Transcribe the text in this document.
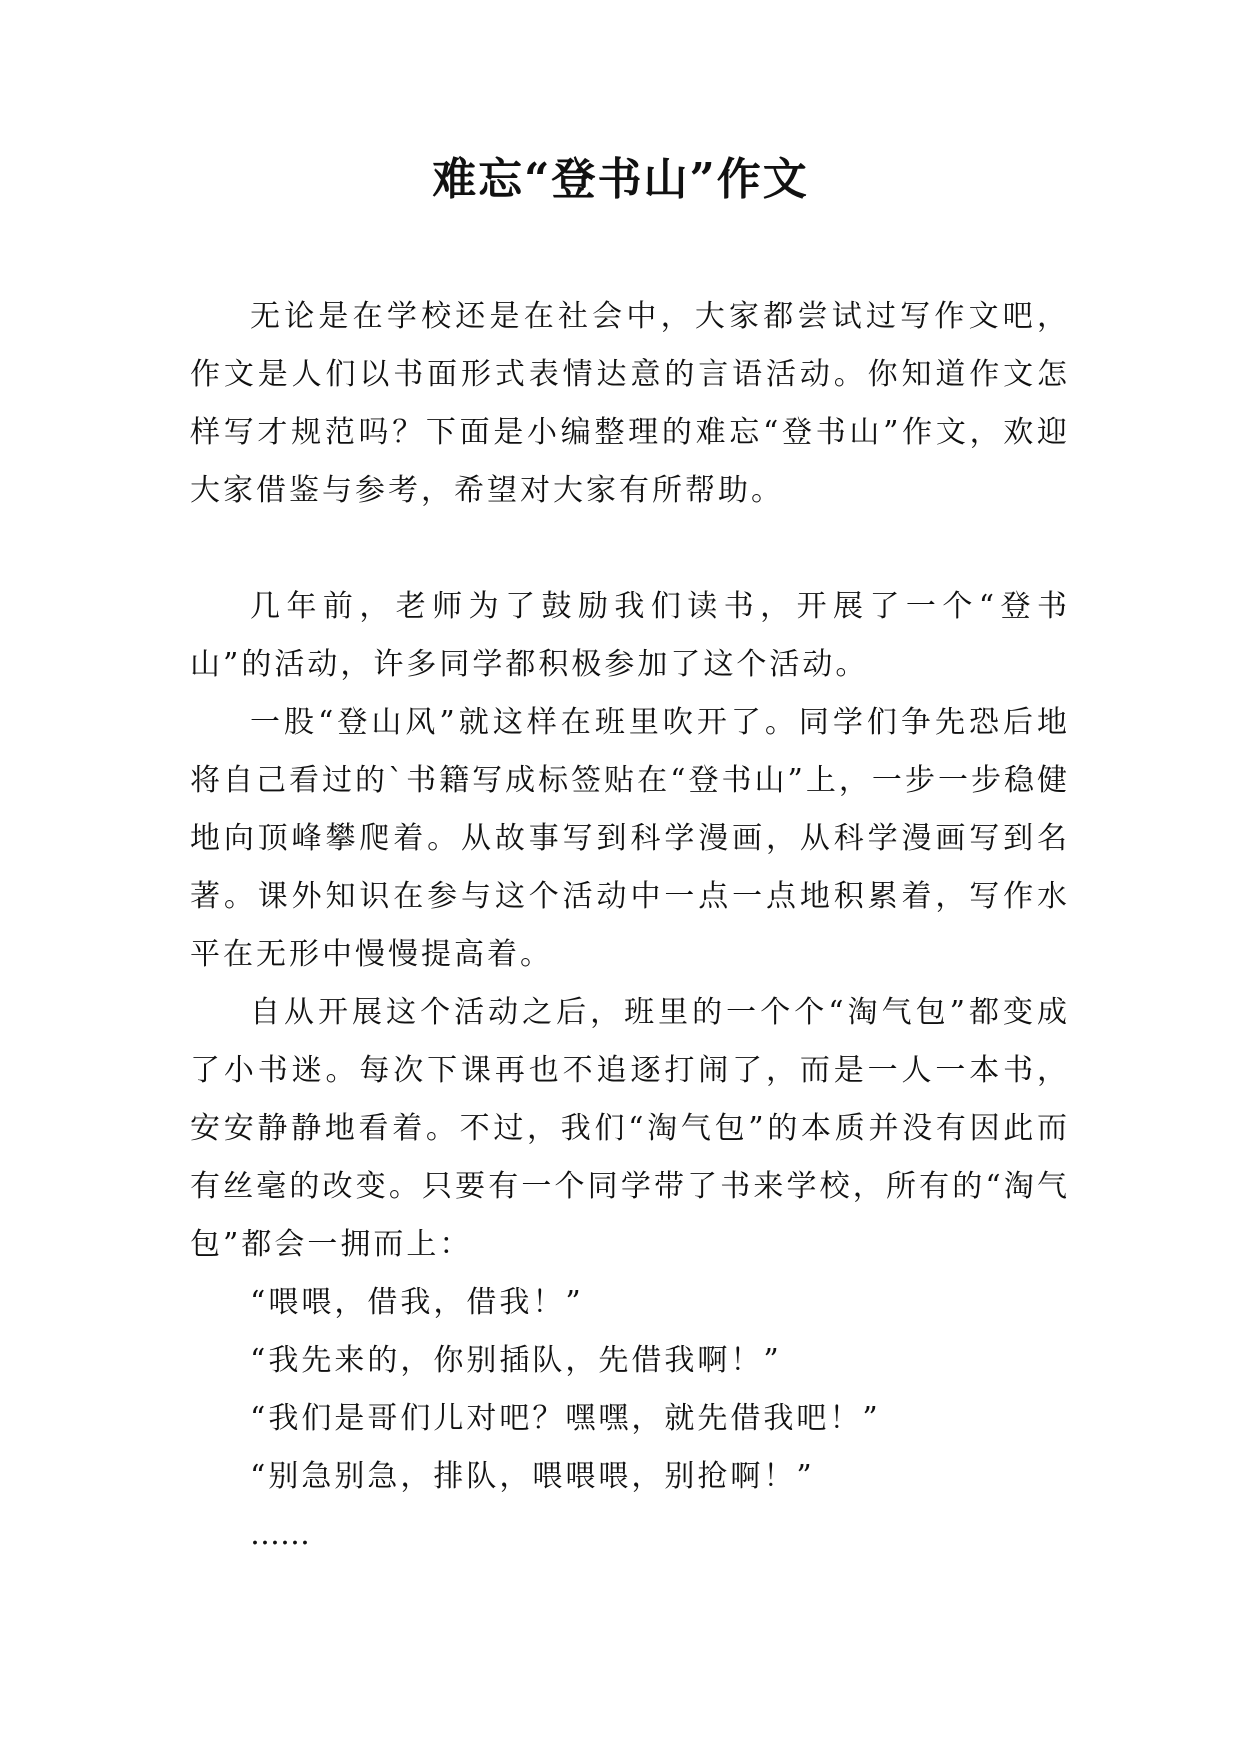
难忘“登书山”作文

无论是在学校还是在社会中，大家都尝试过写作文吧，作文是人们以书面形式表情达意的言语活动。你知道作文怎样写才规范吗？下面是小编整理的难忘“登书山”作文，欢迎大家借鉴与参考，希望对大家有所帮助。

几年前，老师为了鼓励我们读书，开展了一个“登书山”的活动，许多同学都积极参加了这个活动。

一股“登山风”就这样在班里吹开了。同学们争先恐后地将自己看过的`书籍写成标签贴在“登书山”上，一步一步稳健地向顶峰攀爬着。从故事写到科学漫画，从科学漫画写到名著。课外知识在参与这个活动中一点一点地积累着，写作水平在无形中慢慢提高着。

自从开展这个活动之后，班里的一个个“淘气包”都变成了小书迷。每次下课再也不追逐打闹了，而是一人一本书，安安静静地看着。不过，我们“淘气包”的本质并没有因此而有丝毫的改变。只要有一个同学带了书来学校，所有的“淘气包”都会一拥而上：

“喂喂，借我，借我！”

“我先来的，你别插队，先借我啊！”

“我们是哥们儿对吧？嘿嘿，就先借我吧！”

“别急别急，排队，喂喂喂，别抢啊！”

……
